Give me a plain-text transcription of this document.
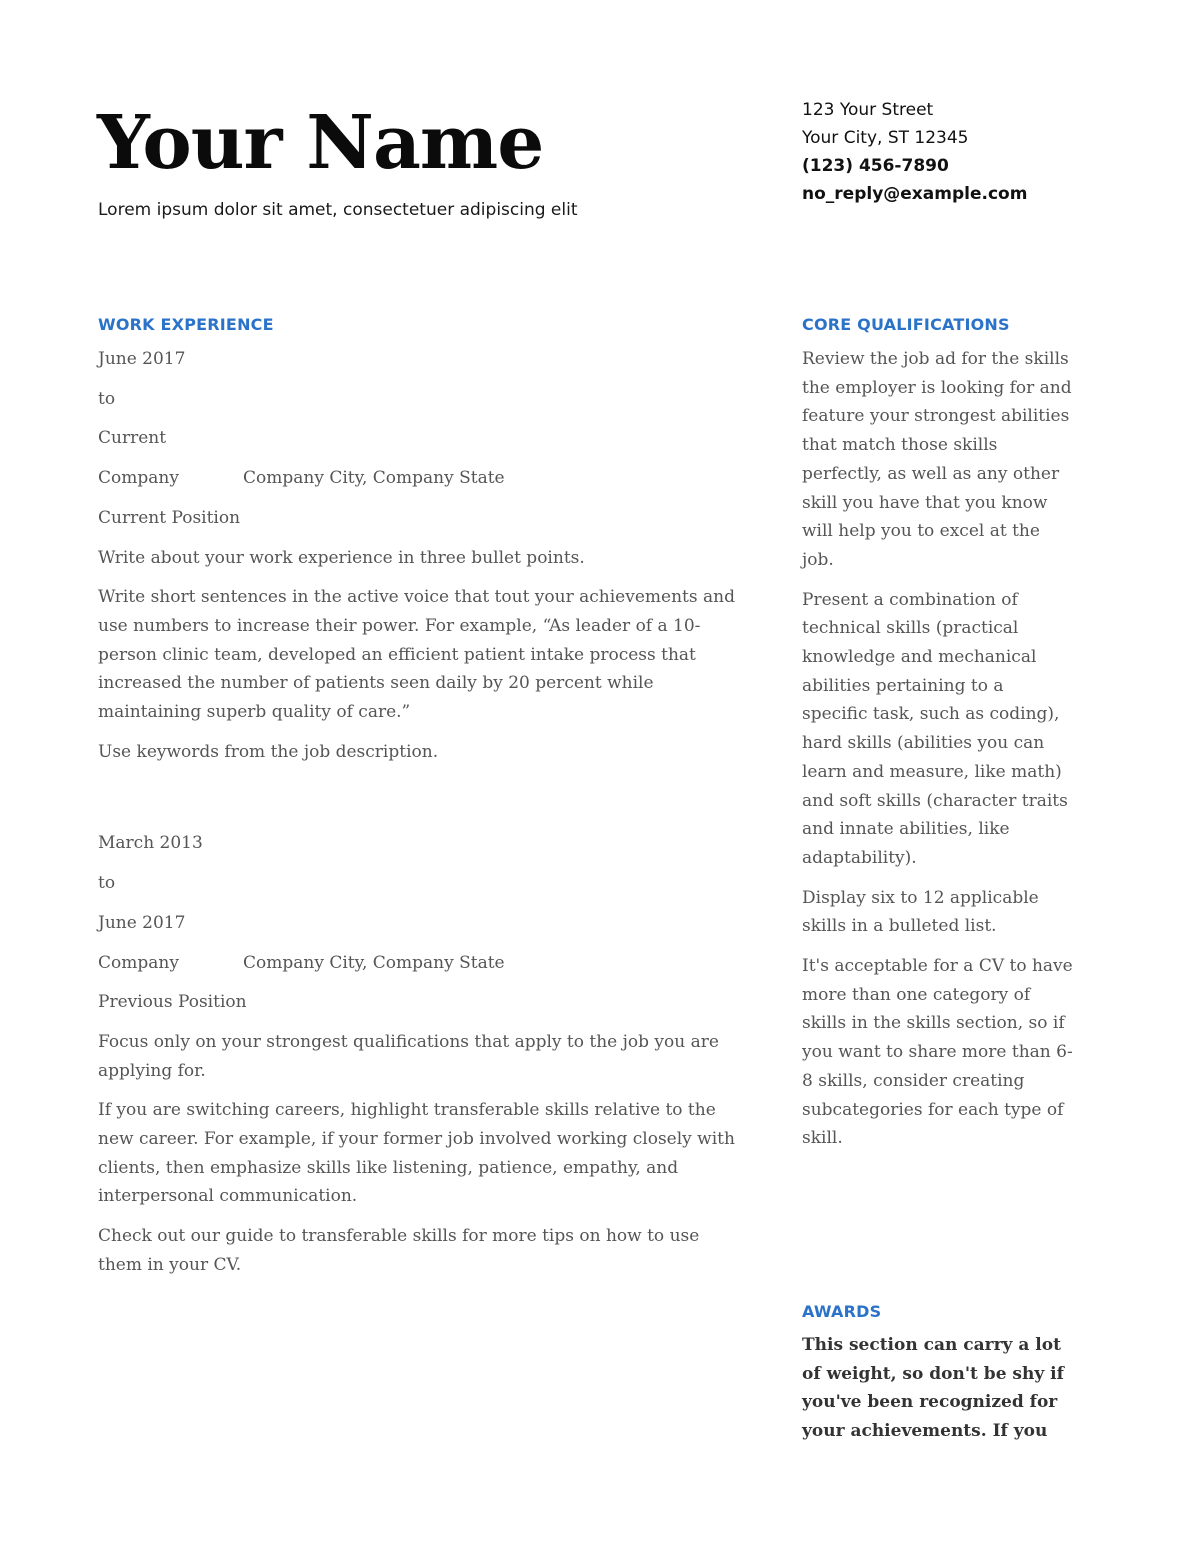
Your Name

Lorem ipsum dolor sit amet, consectetuer adipiscing elit

123 Your Street
Your City, ST 12345
(123) 456-7890
no_reply@example.com
WORK EXPERIENCE
June 2017
to
Current
Company	Company City, Company State
Current Position

Write about your work experience in three bullet points.

Write short sentences in the active voice that tout your achievements and use numbers to increase their power. For example, “As leader of a 10-person clinic team, developed an efficient patient intake process that increased the number of patients seen daily by 20 percent while maintaining superb quality of care.”

Use keywords from the job description.

March 2013
to
June 2017
Company	Company City, Company State
Previous Position

Focus only on your strongest qualifications that apply to the job you are applying for.

If you are switching careers, highlight transferable skills relative to the new career. For example, if your former job involved working closely with clients, then emphasize skills like listening, patience, empathy, and interpersonal communication.

Check out our guide to transferable skills for more tips on how to use them in your CV.

CORE QUALIFICATIONS

Review the job ad for the skills the employer is looking for and feature your strongest abilities that match those skills perfectly, as well as any other skill you have that you know will help you to excel at the job.

Present a combination of technical skills (practical knowledge and mechanical abilities pertaining to a specific task, such as coding), hard skills (abilities you can learn and measure, like math) and soft skills (character traits and innate abilities, like adaptability).

Display six to 12 applicable skills in a bulleted list.

It's acceptable for a CV to have more than one category of skills in the skills section, so if you want to share more than 6-8 skills, consider creating subcategories for each type of skill.

AWARDS

This section can carry a lot of weight, so don't be shy if you've been recognized for your achievements. If you
